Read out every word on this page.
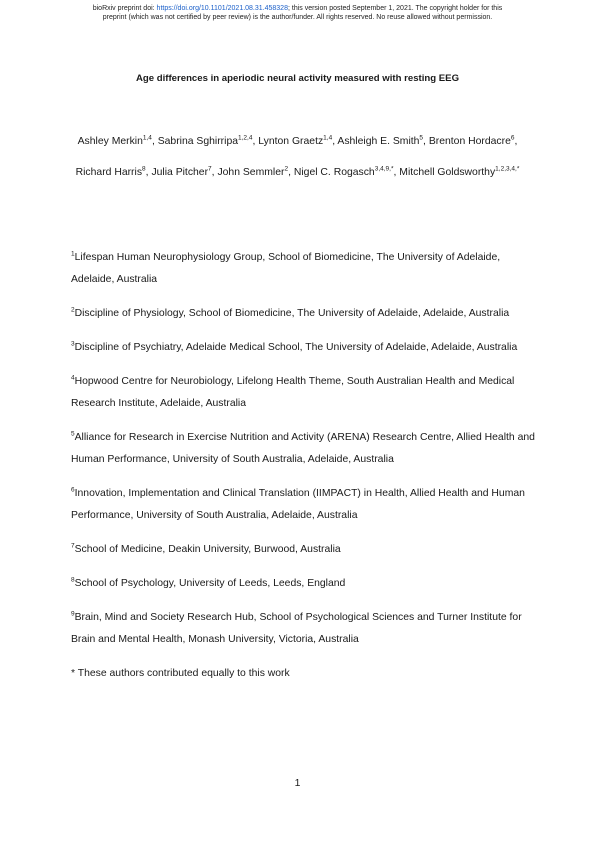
bioRxiv preprint doi: https://doi.org/10.1101/2021.08.31.458328; this version posted September 1, 2021. The copyright holder for this
preprint (which was not certified by peer review) is the author/funder. All rights reserved. No reuse allowed without permission.
Age differences in aperiodic neural activity measured with resting EEG
Ashley Merkin$^{1,4}$, Sabrina Sghirripa$^{1,2,4}$, Lynton Graetz$^{1,4}$, Ashleigh E. Smith$^5$, Brenton Hordacre$^6$, Richard Harris$^8$, Julia Pitcher$^7$, John Semmler$^2$, Nigel C. Rogasch$^{3,4,9,*}$, Mitchell Goldsworthy$^{1,2,3,4,*}$
$^1$Lifespan Human Neurophysiology Group, School of Biomedicine, The University of Adelaide, Adelaide, Australia
$^2$Discipline of Physiology, School of Biomedicine, The University of Adelaide, Adelaide, Australia
$^3$Discipline of Psychiatry, Adelaide Medical School, The University of Adelaide, Adelaide, Australia
$^4$Hopwood Centre for Neurobiology, Lifelong Health Theme, South Australian Health and Medical Research Institute, Adelaide, Australia
$^5$Alliance for Research in Exercise Nutrition and Activity (ARENA) Research Centre, Allied Health and Human Performance, University of South Australia, Adelaide, Australia
$^6$Innovation, Implementation and Clinical Translation (IIMPACT) in Health, Allied Health and Human Performance, University of South Australia, Adelaide, Australia
$^7$School of Medicine, Deakin University, Burwood, Australia
$^8$School of Psychology, University of Leeds, Leeds, England
$^9$Brain, Mind and Society Research Hub, School of Psychological Sciences and Turner Institute for Brain and Mental Health, Monash University, Victoria, Australia
* These authors contributed equally to this work
1
